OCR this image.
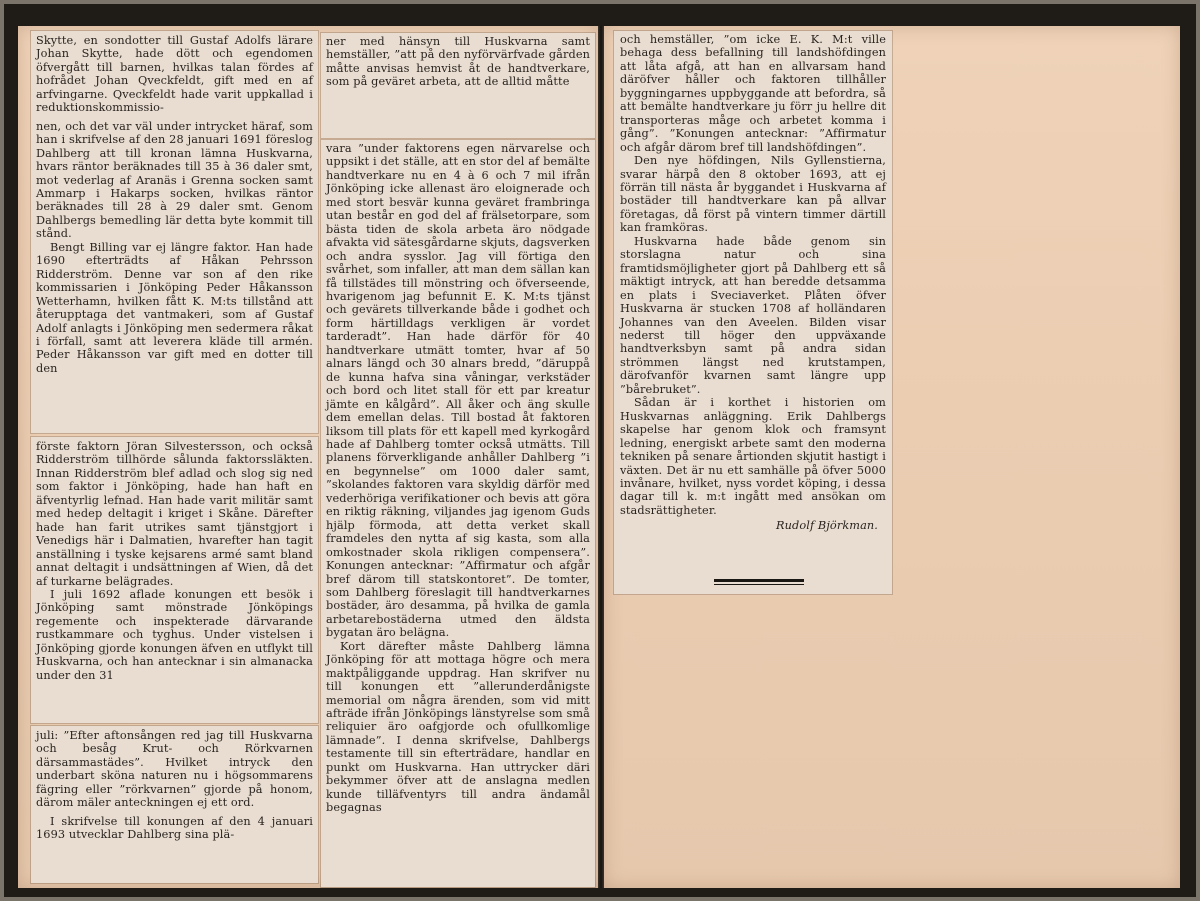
Skytte, en sondotter till Gustaf Adolfs lärare Johan Skytte, hade dött och egendomen öfvergått till barnen, hvilkas talan fördes af hofrådet Johan Qveckfeldt, gift med en af arfvingarne. Qveckfeldt hade varit uppkallad i reduktionskommissio-

nen, och det var väl under intrycket häraf, som han i skrifvelse af den 28 januari 1691 föreslog Dahlberg att till kronan lämna Huskvarna, hvars räntor beräknades till 35 à 36 daler smt, mot vederlag af Aranäs i Grenna socken samt Ammarp i Hakarps socken, hvilkas räntor beräknades till 28 à 29 daler smt. Genom Dahlbergs bemedling lär detta byte kommit till stånd.

Bengt Billing var ej längre faktor. Han hade 1690 efterträdts af Håkan Pehrsson Ridderström. Denne var son af den rike kommissarien i Jönköping Peder Håkansson Wetterhamn, hvilken fått K. M:ts tillstånd att återupptaga det vantmakeri, som af Gustaf Adolf anlagts i Jönköping men sedermera råkat i förfall, samt att leverera kläde till armén. Peder Håkansson var gift med en dotter till den

förste faktorn Jöran Silvestersson, och också Ridderström tillhörde sålunda faktorssläkten. Innan Ridderström blef adlad och slog sig ned som faktor i Jönköping, hade han haft en äfventyrlig lefnad. Han hade varit militär samt med hedер deltagit i kriget i Skåne. Därefter hade han farit utrikes samt tjänstgjort i Venedigs här i Dalmatien, hvarefter han tagit anställning i tyske kejsarens armé samt bland annat deltagit i undsättningen af Wien, då det af turkarne belägrades.

I juli 1692 aflade konungen ett besök i Jönköping samt mönstrade Jönköpings regemente och inspekterade därvarande rustkammare och tyghus. Under vistelsen i Jönköping gjorde konungen äfven en utflykt till Huskvarna, och han antecknar i sin almanacka under den 31

juli: ”Efter aftonsången red jag till Huskvarna och besåg Krut- och Rörkvarnen därsammastädes”. Hvilket intryck den underbart sköna naturen nu i högsommarens fägring eller ”rörkvarnen” gjorde på honom, därom mäler anteckningen ej ett ord.

I skrifvelse till konungen af den 4 januari 1693 utvecklar Dahlberg sina plä-

ner med hänsyn till Huskvarna samt hemställer, ”att på den nyförvärfvade gården måtte anvisas hemvist åt de handtverkare, som på geväret arbeta, att de alltid måtte

vara ”under faktorens egen närvarelse och uppsikt i det ställe, att en stor del af bemälte handtverkare nu en 4 à 6 och 7 mil ifrån Jönköping icke allenast äro eloignerade och med stort besvär kunna geväret frambringa utan består en god del af frälsetorpare, som bästa tiden de skola arbeta äro nödgade afvakta vid sätesgårdarne skjuts, dagsverken och andra sysslor. Jag vill förtiga den svårhet, som infaller, att man dem sällan kan få tillstädes till mönstring och öfverseende, hvarigenom jag befunnit E. K. M:ts tjänst och gevärets tillverkande både i godhet och form härtilldags verkligen är vordet tarderadt”. Han hade därför för 40 handtverkare utmätt tomter, hvar af 50 alnars längd och 30 alnars bredd, ”däruppå de kunna hafva sina våningar, verkstäder och bord och litet stall för ett par kreatur jämte en kålgård”. All åker och äng skulle dem emellan delas. Till bostad åt faktoren liksom till plats för ett kapell med kyrkogård hade af Dahlberg tomter också utmätts. Till planens förverkligande anhåller Dahlberg ”i en begynnelse” om 1000 daler samt, ”skolandes faktoren vara skyldig därför med vederhöriga verifikationer och bevis att göra en riktig räkning, viljandes jag igenom Guds hjälp förmoda, att detta verket skall framdeles den nytta af sig kasta, som alla omkostnader skola rikligen compensera”. Konungen antecknar: ”Affirmatur och afgår bref därom till statskontoret”. De tomter, som Dahlberg föreslagit till handtverkarnes bostäder, äro desamma, på hvilka de gamla arbetarebostäderna utmed den äldsta bygatan äro belägna.

Kort därefter måste Dahlberg lämna Jönköping för att mottaga högre och mera maktpåliggande uppdrag. Han skrifver nu till konungen ett ”allerunderdånigste memorial om några ärenden, som vid mitt afträde ifrån Jönköpings länstyrelse som små reliquier äro oafgjorde och ofullkomlige lämnade”. I denna skrifvelse, Dahlbergs testamente till sin efterträdare, handlar en punkt om Huskvarna. Han uttrycker däri bekymmer öfver att de anslagna medlen kunde tilläfventyrs till andra ändamål begagnas

och hemställer, ”om icke E. K. M:t ville behaga dess befallning till landshöfdingen att låta afgå, att han en allvarsam hand däröfver håller och faktoren tillhåller byggningarnes uppbyggande att befordra, så att bemälte handtverkare ju förr ju hellre dit transporteras måge och arbetet komma i gång”. ”Konungen antecknar: ”Affirmatur och afgår därom bref till landshöfdingen”.

Den nye höfdingen, Nils Gyllenstierna, svarar härpå den 8 oktober 1693, att ej förrän till nästa år byggandet i Huskvarna af bostäder till handtverkare kan på allvar företagas, då först på vintern timmer därtill kan framköras.

Huskvarna hade både genom sin storslagna natur och sina framtidsmöjligheter gjort på Dahlberg ett så mäktigt intryck, att han beredde detsamma en plats i Sveciaverket. Plåten öfver Huskvarna är stucken 1708 af holländaren Johannes van den Aveelen. Bilden visar nederst till höger den uppväxande handtverksbyn samt på andra sidan strömmen längst ned krutstampen, därofvanför kvarnen samt längre upp ”bårebruket”.

Sådan är i korthet i historien om Huskvarnas anläggning. Erik Dahlbergs skapelse har genom klok och framsynt ledning, energiskt arbete samt den moderna tekniken på senare årtionden skjutit hastigt i växten. Det är nu ett samhälle på öfver 5000 invånare, hvilket, nyss vordet köping, i dessa dagar till k. m:t ingått med ansökan om stadsrättigheter.

Rudolf Björkman.
